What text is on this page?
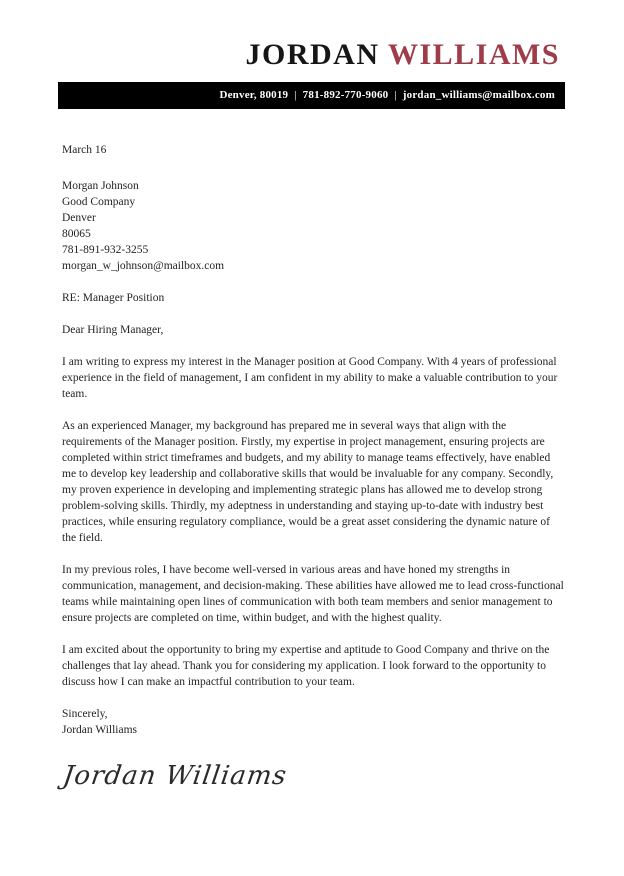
JORDAN WILLIAMS
Denver, 80019 | 781-892-770-9060 | jordan_williams@mailbox.com
March 16
Morgan Johnson
Good Company
Denver
80065
781-891-932-3255
morgan_w_johnson@mailbox.com
RE: Manager Position
Dear Hiring Manager,

I am writing to express my interest in the Manager position at Good Company. With 4 years of professional experience in the field of management, I am confident in my ability to make a valuable contribution to your team.

As an experienced Manager, my background has prepared me in several ways that align with the requirements of the Manager position. Firstly, my expertise in project management, ensuring projects are completed within strict timeframes and budgets, and my ability to manage teams effectively, have enabled me to develop key leadership and collaborative skills that would be invaluable for any company. Secondly, my proven experience in developing and implementing strategic plans has allowed me to develop strong problem-solving skills. Thirdly, my adeptness in understanding and staying up-to-date with industry best practices, while ensuring regulatory compliance, would be a great asset considering the dynamic nature of the field.

In my previous roles, I have become well-versed in various areas and have honed my strengths in communication, management, and decision-making. These abilities have allowed me to lead cross-functional teams while maintaining open lines of communication with both team members and senior management to ensure projects are completed on time, within budget, and with the highest quality.

I am excited about the opportunity to bring my expertise and aptitude to Good Company and thrive on the challenges that lay ahead. Thank you for considering my application. I look forward to the opportunity to discuss how I can make an impactful contribution to your team.

Sincerely,
Jordan Williams
Jordan Williams
